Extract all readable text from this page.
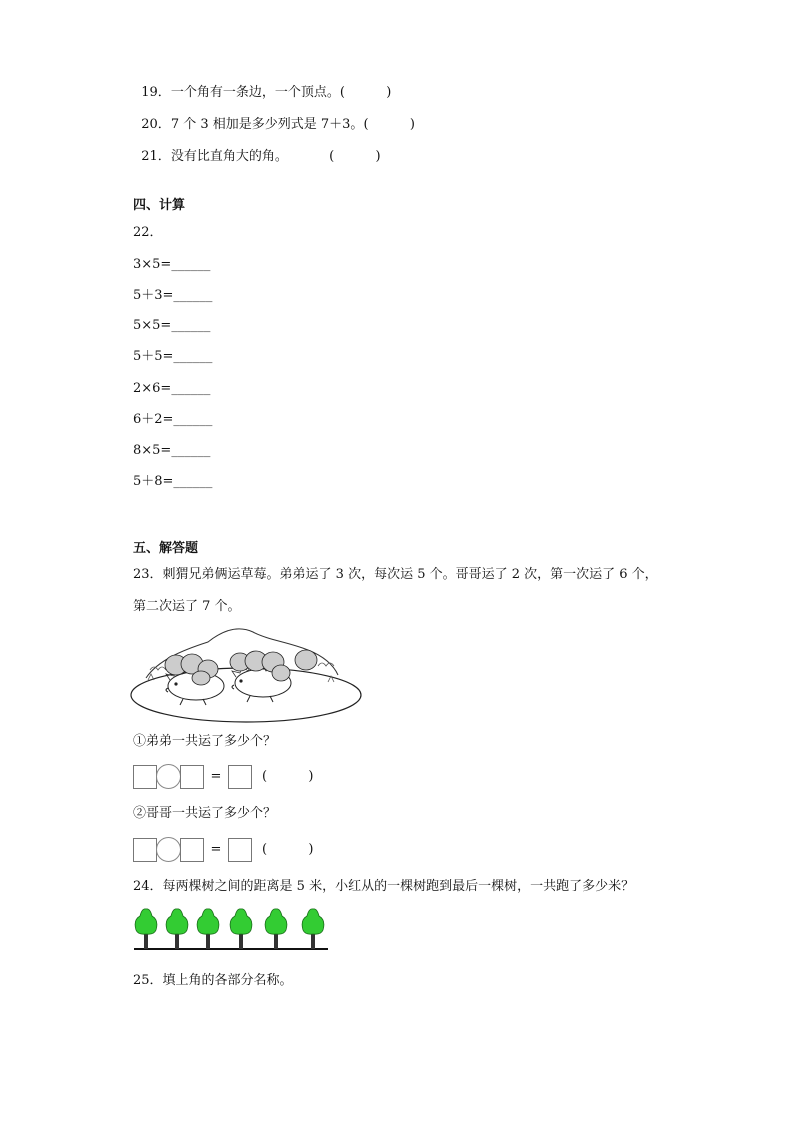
19．一个角有一条边，一个顶点。(          )

20．7 个 3 相加是多少列式是 7＋3。(          )

21．没有比直角大的角。          (          )

四、计算
22．
3×5=______
5＋3=______
5×5=______
5＋5=______
2×6=______
6＋2=______
8×5=______
5＋8=______
五、解答题
23．刺猬兄弟俩运草莓。弟弟运了 3 次，每次运 5 个。哥哥运了 2 次，第一次运了 6 个，
第二次运了 7 个。
①弟弟一共运了多少个？
=	(          )
②哥哥一共运了多少个？
=	(          )
24．每两棵树之间的距离是 5 米，小红从的一棵树跑到最后一棵树，一共跑了多少米？
25．填上角的各部分名称。
